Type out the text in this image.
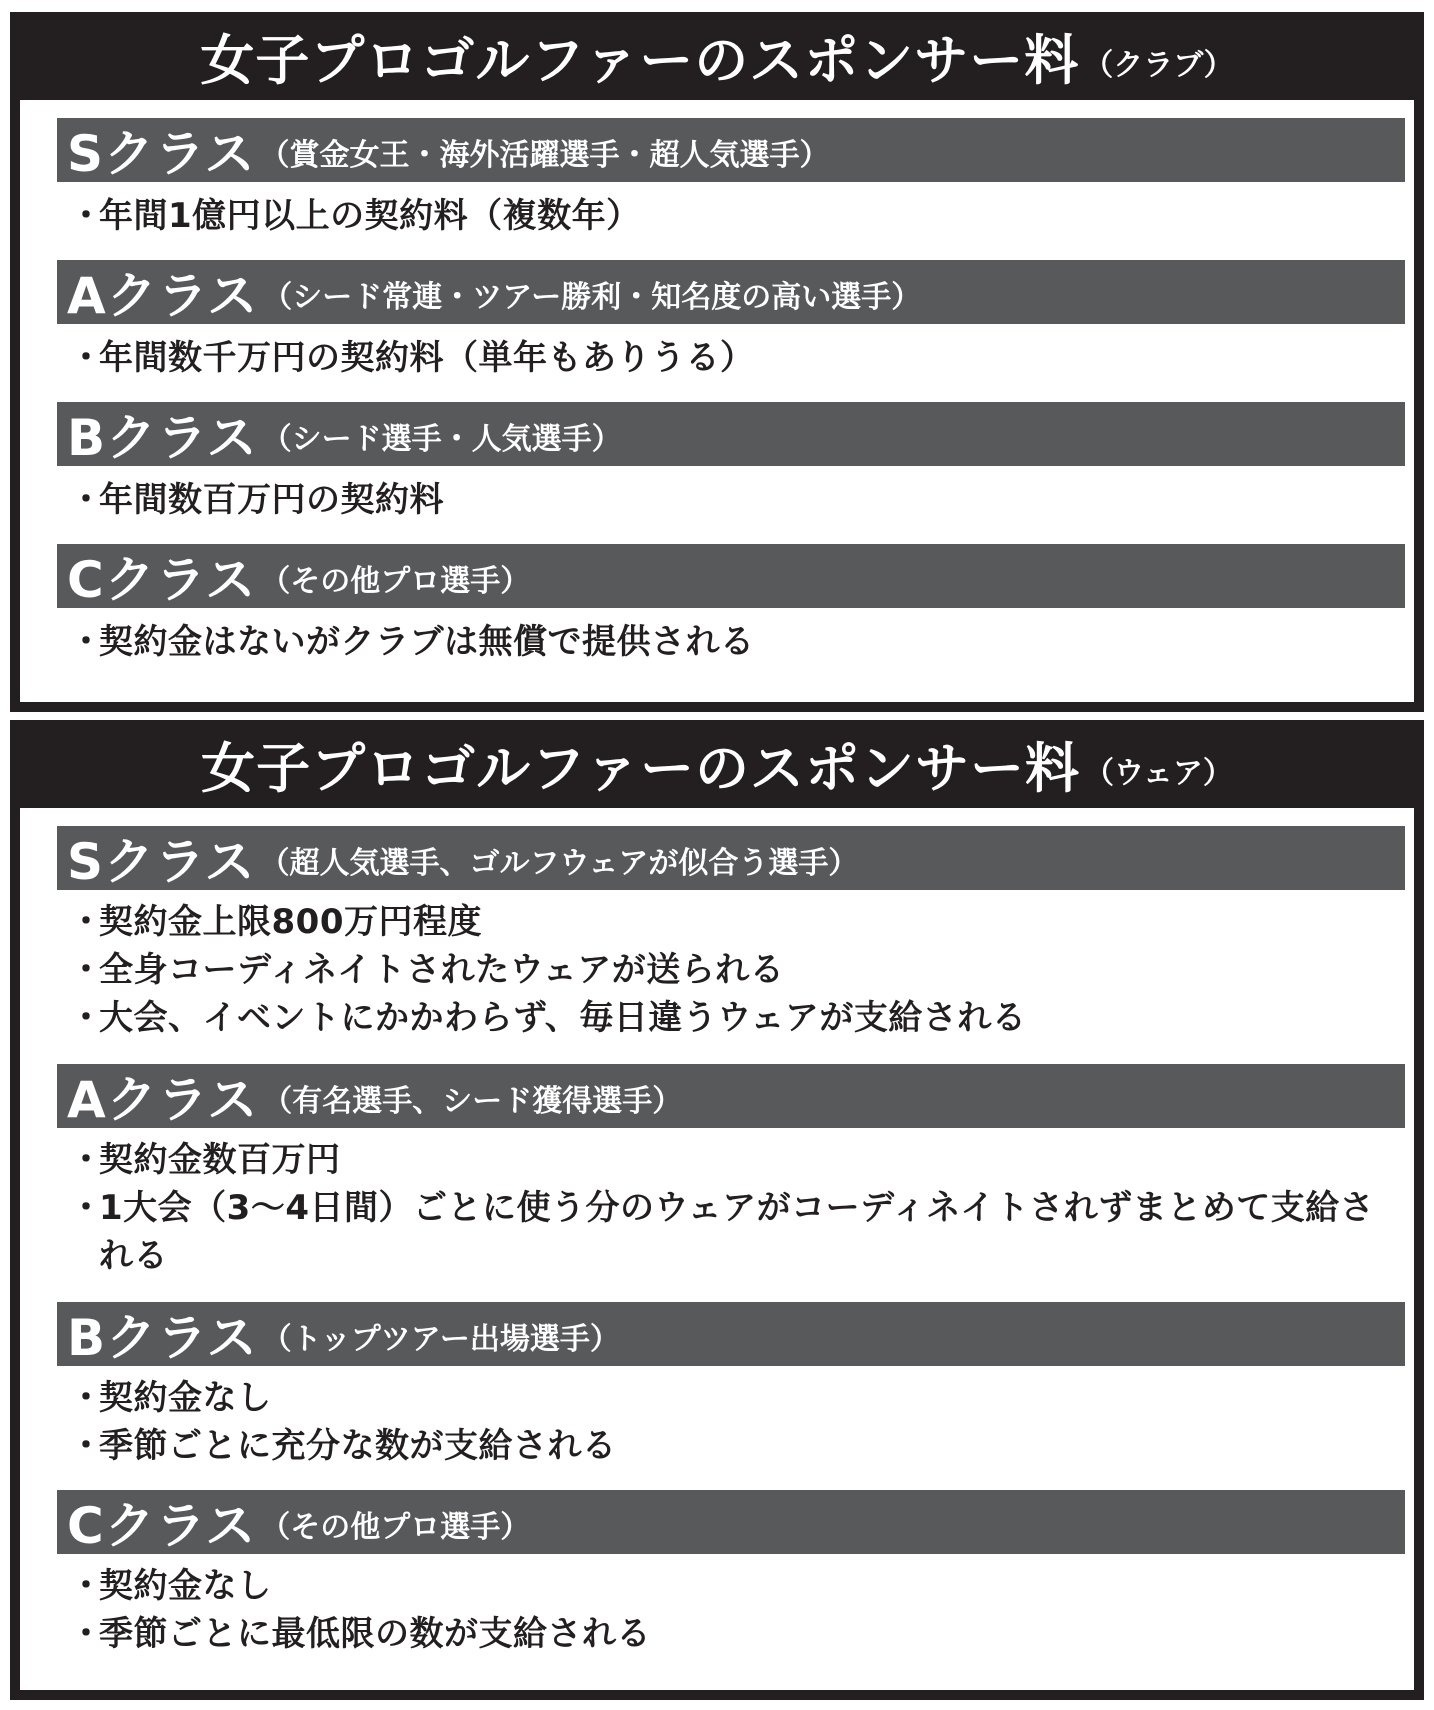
女子プロゴルファーのスポンサー料 （クラブ）
Sクラス （賞金女王・海外活躍選手・超人気選手）
・
年間1億円以上の契約料（複数年）
Aクラス （シード常連・ツアー勝利・知名度の高い選手）
・
年間数千万円の契約料（単年もありうる）
Bクラス （シード選手・人気選手）
・
年間数百万円の契約料
Cクラス （その他プロ選手）
・
契約金はないがクラブは無償で提供される
女子プロゴルファーのスポンサー料 （ウェア）
Sクラス （超人気選手、ゴルフウェアが似合う選手）
・
契約金上限800万円程度
・
全身コーディネイトされたウェアが送られる
・
大会、イベントにかかわらず、毎日違うウェアが支給される
Aクラス （有名選手、シード獲得選手）
・
契約金数百万円
・
1大会（3～4日間）ごとに使う分のウェアがコーディネイトされずまとめて支給される
Bクラス （トップツアー出場選手）
・
契約金なし
・
季節ごとに充分な数が支給される
Cクラス （その他プロ選手）
・
契約金なし
・
季節ごとに最低限の数が支給される
